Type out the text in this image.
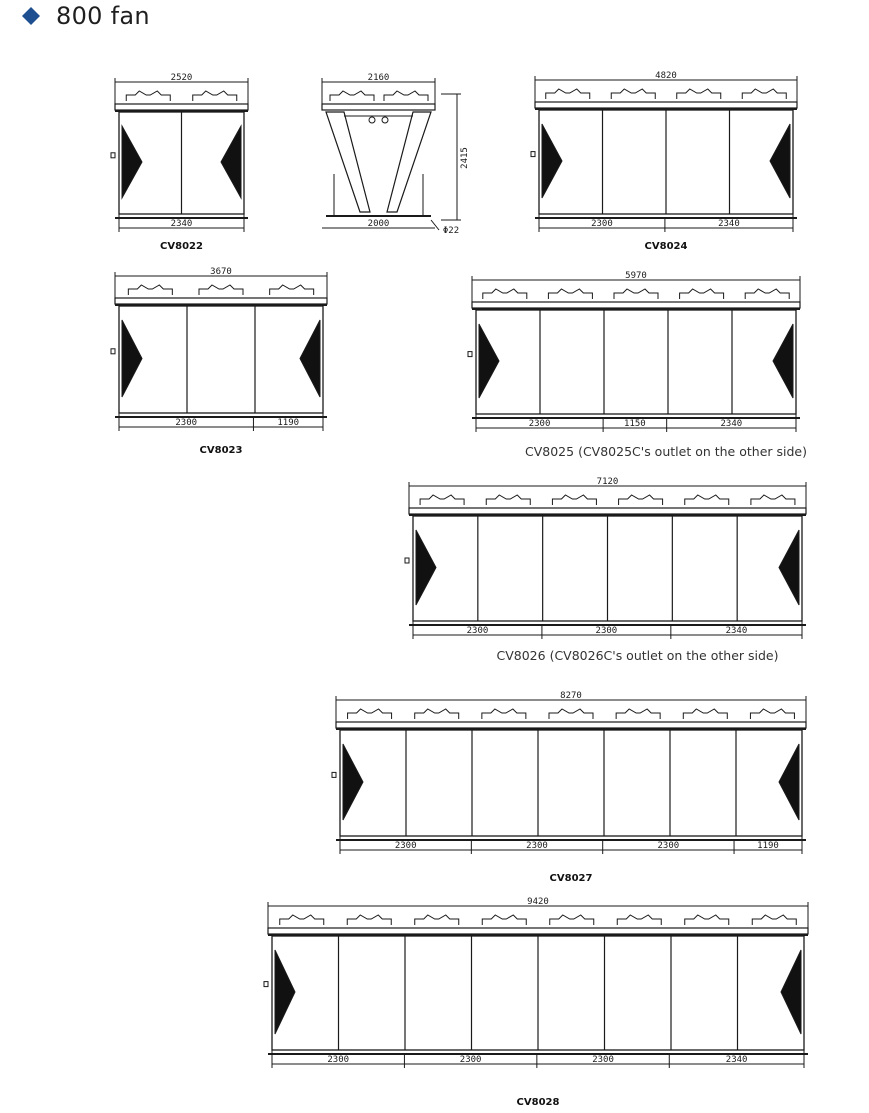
800 fan
2520
2340
CV8022
4820
2300	2340
CV8024
3670
2300	1190
CV8023
5970
2300	1150	2340
CV8025 (CV8025C's outlet on the other side)
7120
2300	2300	2340
CV8026 (CV8026C's outlet on the other side)
8270
2300	2300	2300	1190
CV8027
9420
2300	2300	2300	2340
CV8028
2160
2415
2000
Φ22
